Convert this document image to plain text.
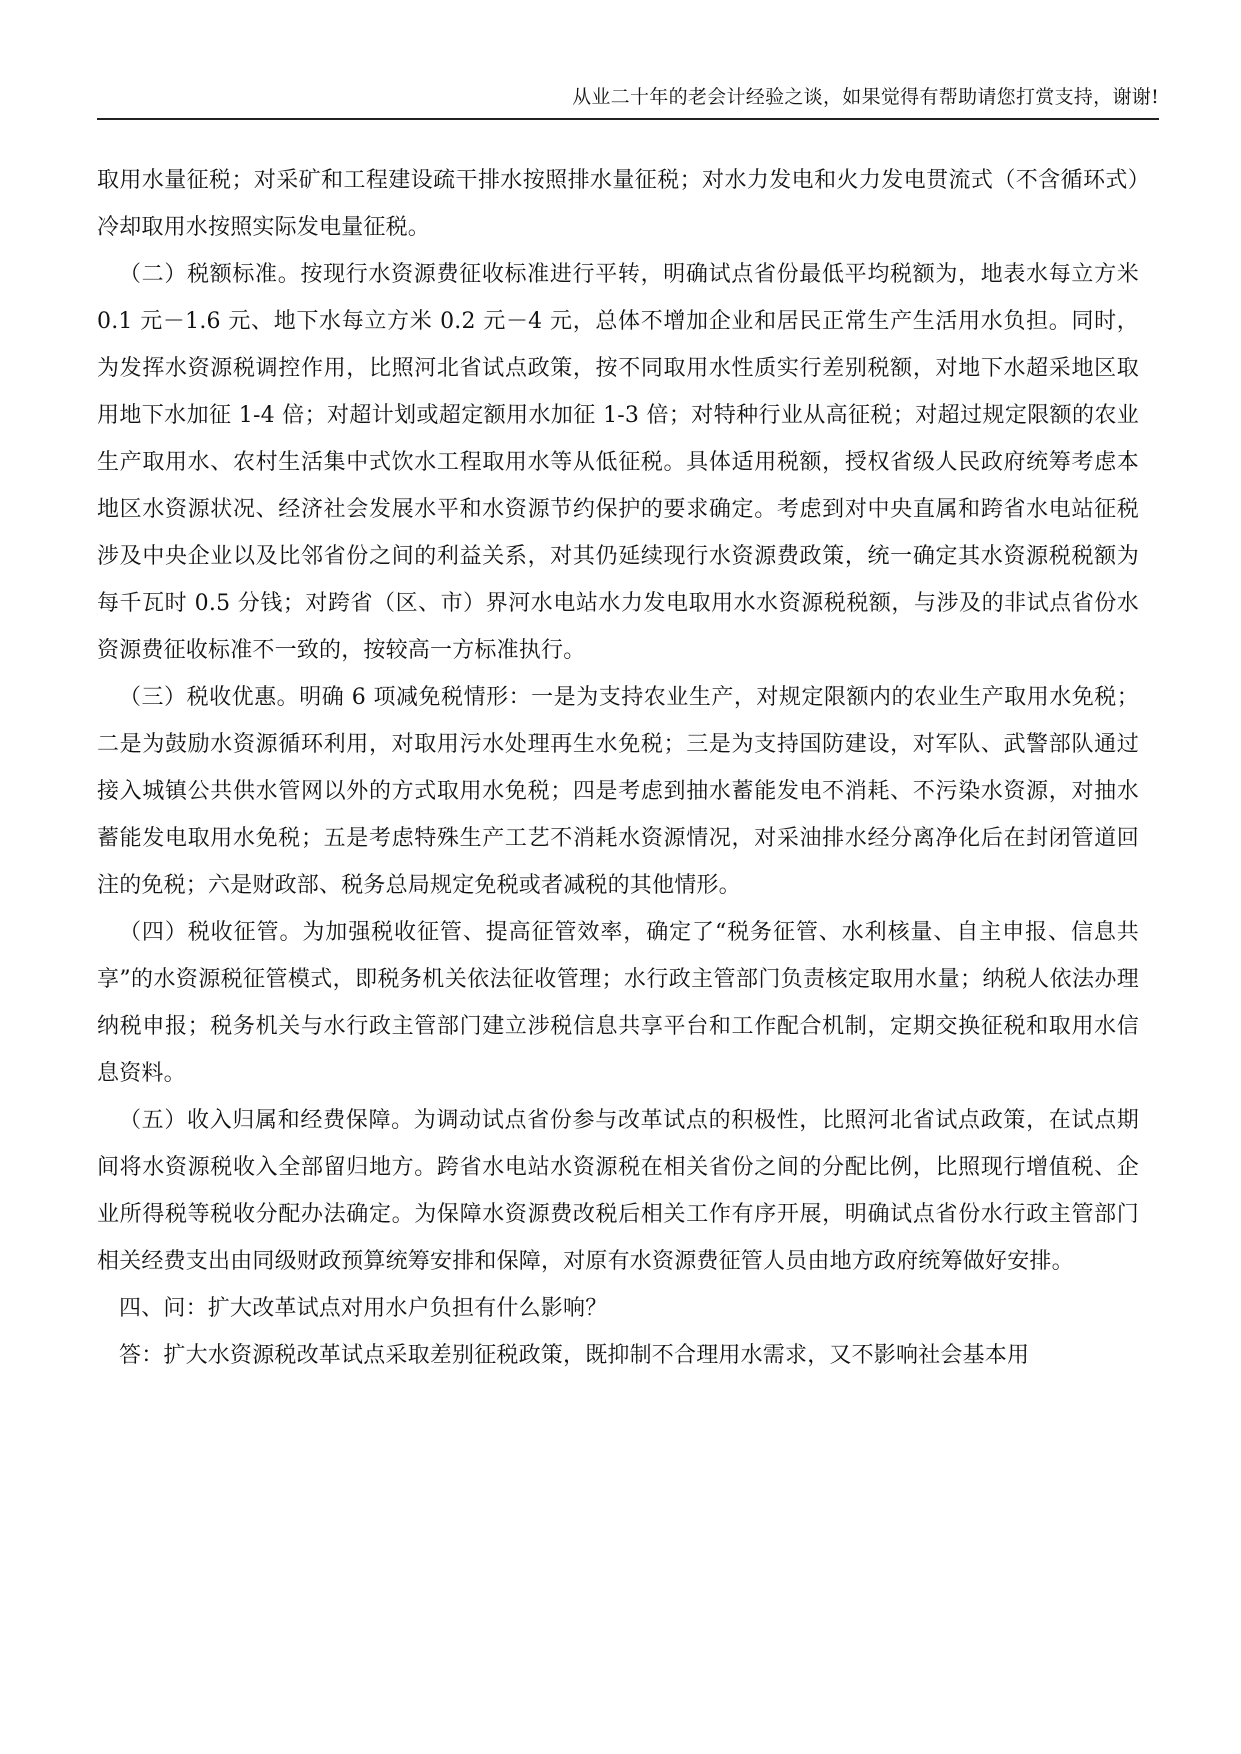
从业二十年的老会计经验之谈，如果觉得有帮助请您打赏支持，谢谢!

取用水量征税；对采矿和工程建设疏干排水按照排水量征税；对水力发电和火力发电贯流式（不含循环式）冷却取用水按照实际发电量征税。

（二）税额标准。按现行水资源费征收标准进行平转，明确试点省份最低平均税额为，地表水每立方米 0.1 元－1.6 元、地下水每立方米 0.2 元－4 元，总体不增加企业和居民正常生产生活用水负担。同时，为发挥水资源税调控作用，比照河北省试点政策，按不同取用水性质实行差别税额，对地下水超采地区取用地下水加征 1-4 倍；对超计划或超定额用水加征 1-3 倍；对特种行业从高征税；对超过规定限额的农业生产取用水、农村生活集中式饮水工程取用水等从低征税。具体适用税额，授权省级人民政府统筹考虑本地区水资源状况、经济社会发展水平和水资源节约保护的要求确定。考虑到对中央直属和跨省水电站征税涉及中央企业以及比邻省份之间的利益关系，对其仍延续现行水资源费政策，统一确定其水资源税税额为每千瓦时 0.5 分钱；对跨省（区、市）界河水电站水力发电取用水水资源税税额，与涉及的非试点省份水资源费征收标准不一致的，按较高一方标准执行。

（三）税收优惠。明确 6 项减免税情形：一是为支持农业生产，对规定限额内的农业生产取用水免税；二是为鼓励水资源循环利用，对取用污水处理再生水免税；三是为支持国防建设，对军队、武警部队通过接入城镇公共供水管网以外的方式取用水免税；四是考虑到抽水蓄能发电不消耗、不污染水资源，对抽水蓄能发电取用水免税；五是考虑特殊生产工艺不消耗水资源情况，对采油排水经分离净化后在封闭管道回注的免税；六是财政部、税务总局规定免税或者减税的其他情形。

（四）税收征管。为加强税收征管、提高征管效率，确定了“税务征管、水利核量、自主申报、信息共享”的水资源税征管模式，即税务机关依法征收管理；水行政主管部门负责核定取用水量；纳税人依法办理纳税申报；税务机关与水行政主管部门建立涉税信息共享平台和工作配合机制，定期交换征税和取用水信息资料。

（五）收入归属和经费保障。为调动试点省份参与改革试点的积极性，比照河北省试点政策，在试点期间将水资源税收入全部留归地方。跨省水电站水资源税在相关省份之间的分配比例，比照现行增值税、企业所得税等税收分配办法确定。为保障水资源费改税后相关工作有序开展，明确试点省份水行政主管部门相关经费支出由同级财政预算统筹安排和保障，对原有水资源费征管人员由地方政府统筹做好安排。

四、问：扩大改革试点对用水户负担有什么影响？

答：扩大水资源税改革试点采取差别征税政策，既抑制不合理用水需求，又不影响社会基本用
